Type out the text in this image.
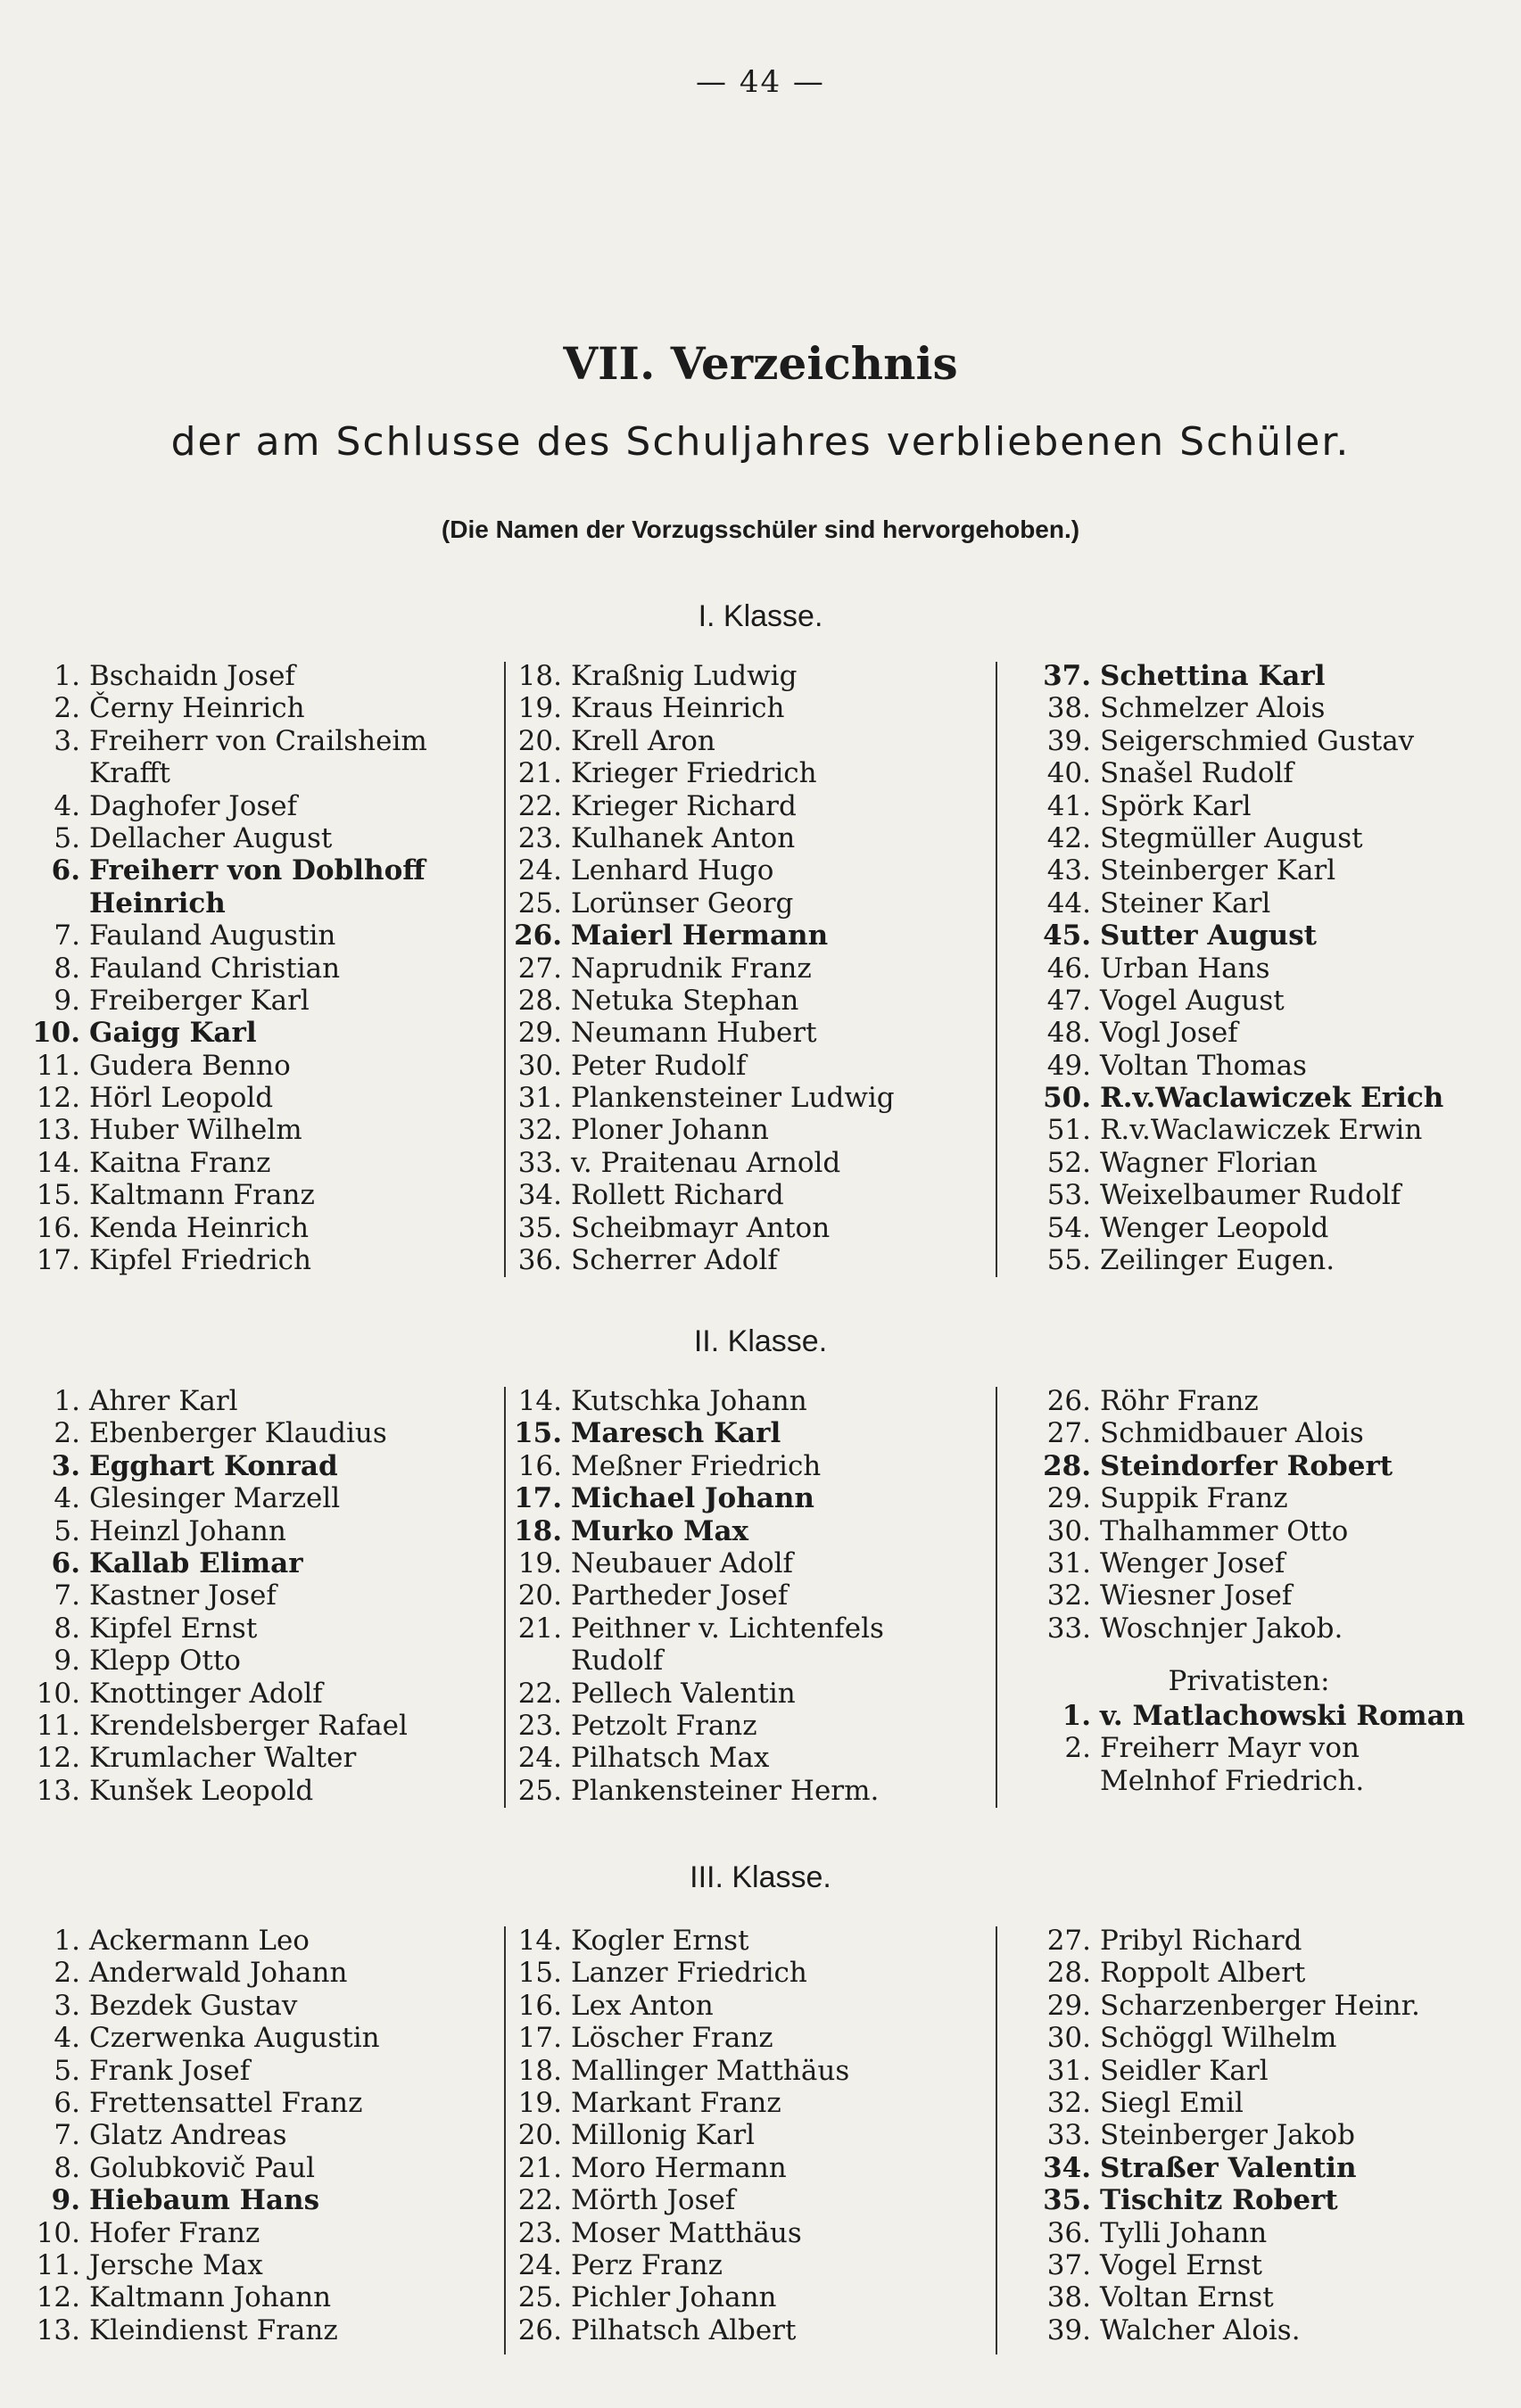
— 44 —
VII. Verzeichnis
der am Schlusse des Schuljahres verbliebenen Schüler.
(Die Namen der Vorzugsschüler sind hervorgehoben.)
I. Klasse.
1. Bschaidn Josef
2. Černy Heinrich
3. Freiherr von Crailsheim
Krafft
4. Daghofer Josef
5. Dellacher August
6. Freiherr von Doblhoff
Heinrich
7. Fauland Augustin
8. Fauland Christian
9. Freiberger Karl
10. Gaigg Karl
11. Gudera Benno
12. Hörl Leopold
13. Huber Wilhelm
14. Kaitna Franz
15. Kaltmann Franz
16. Kenda Heinrich
17. Kipfel Friedrich
18. Kraßnig Ludwig
19. Kraus Heinrich
20. Krell Aron
21. Krieger Friedrich
22. Krieger Richard
23. Kulhanek Anton
24. Lenhard Hugo
25. Lorünser Georg
26. Maierl Hermann
27. Naprudnik Franz
28. Netuka Stephan
29. Neumann Hubert
30. Peter Rudolf
31. Plankensteiner Ludwig
32. Ploner Johann
33. v. Praitenau Arnold
34. Rollett Richard
35. Scheibmayr Anton
36. Scherrer Adolf
37. Schettina Karl
38. Schmelzer Alois
39. Seigerschmied Gustav
40. Snašel Rudolf
41. Spörk Karl
42. Stegmüller August
43. Steinberger Karl
44. Steiner Karl
45. Sutter August
46. Urban Hans
47. Vogel August
48. Vogl Josef
49. Voltan Thomas
50. R.v.Waclawiczek Erich
51. R.v.Waclawiczek Erwin
52. Wagner Florian
53. Weixelbaumer Rudolf
54. Wenger Leopold
55. Zeilinger Eugen.
II. Klasse.
1. Ahrer Karl
2. Ebenberger Klaudius
3. Egghart Konrad
4. Glesinger Marzell
5. Heinzl Johann
6. Kallab Elimar
7. Kastner Josef
8. Kipfel Ernst
9. Klepp Otto
10. Knottinger Adolf
11. Krendelsberger Rafael
12. Krumlacher Walter
13. Kunšek Leopold
14. Kutschka Johann
15. Maresch Karl
16. Meßner Friedrich
17. Michael Johann
18. Murko Max
19. Neubauer Adolf
20. Partheder Josef
21. Peithner v. Lichtenfels
Rudolf
22. Pellech Valentin
23. Petzolt Franz
24. Pilhatsch Max
25. Plankensteiner Herm.
26. Röhr Franz
27. Schmidbauer Alois
28. Steindorfer Robert
29. Suppik Franz
30. Thalhammer Otto
31. Wenger Josef
32. Wiesner Josef
33. Woschnjer Jakob.
Privatisten:
1. v. Matlachowski Roman
2. Freiherr Mayr von
Melnhof Friedrich.
III. Klasse.
1. Ackermann Leo
2. Anderwald Johann
3. Bezdek Gustav
4. Czerwenka Augustin
5. Frank Josef
6. Frettensattel Franz
7. Glatz Andreas
8. Golubkovič Paul
9. Hiebaum Hans
10. Hofer Franz
11. Jersche Max
12. Kaltmann Johann
13. Kleindienst Franz
14. Kogler Ernst
15. Lanzer Friedrich
16. Lex Anton
17. Löscher Franz
18. Mallinger Matthäus
19. Markant Franz
20. Millonig Karl
21. Moro Hermann
22. Mörth Josef
23. Moser Matthäus
24. Perz Franz
25. Pichler Johann
26. Pilhatsch Albert
27. Pribyl Richard
28. Roppolt Albert
29. Scharzenberger Heinr.
30. Schöggl Wilhelm
31. Seidler Karl
32. Siegl Emil
33. Steinberger Jakob
34. Straßer Valentin
35. Tischitz Robert
36. Tylli Johann
37. Vogel Ernst
38. Voltan Ernst
39. Walcher Alois.
